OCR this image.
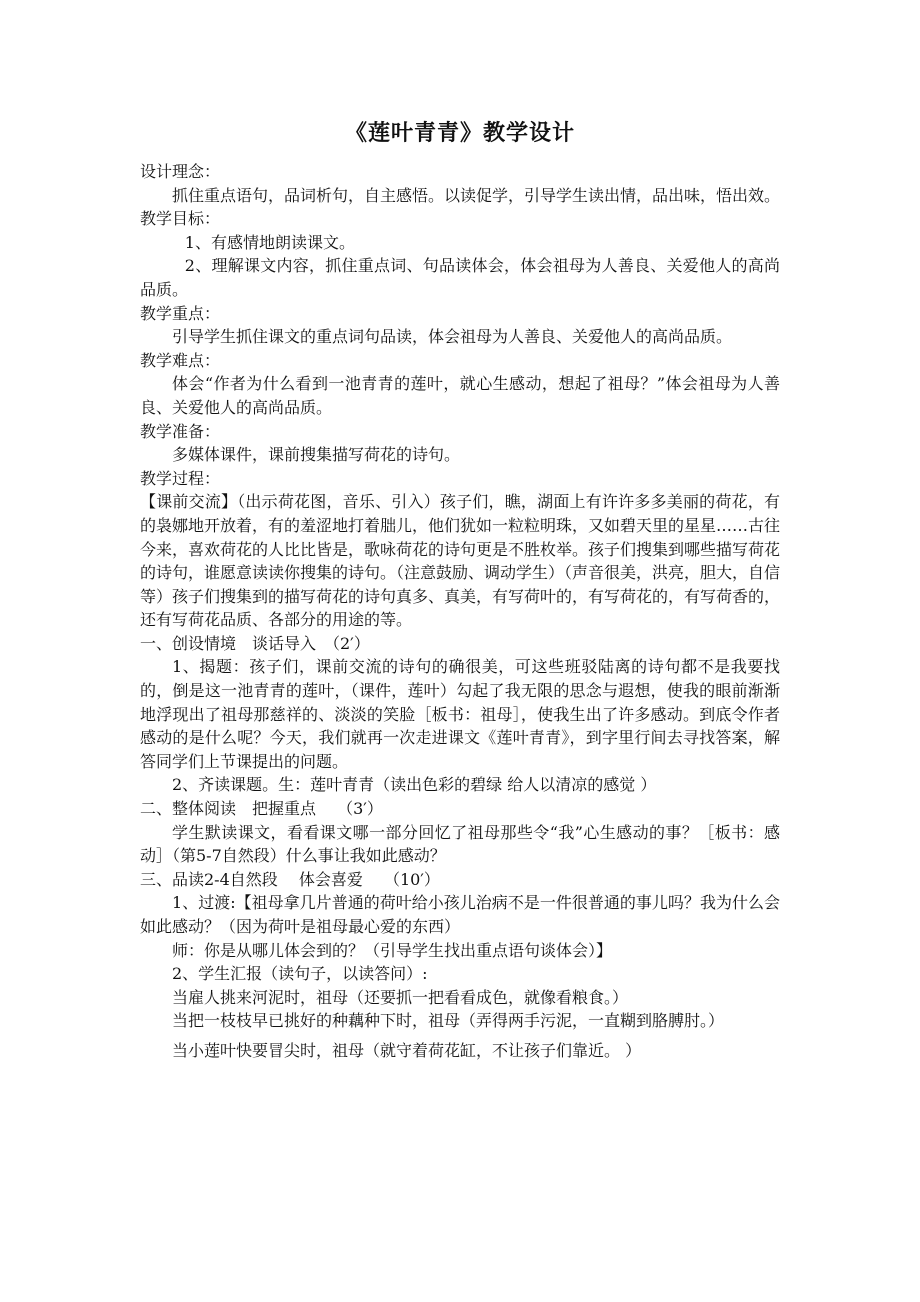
《莲叶青青》教学设计

设计理念：

抓住重点语句，品词析句，自主感悟。以读促学，引导学生读出情，品出味，悟出效。

教学目标：

1、有感情地朗读课文。

2、理解课文内容，抓住重点词、句品读体会，体会祖母为人善良、关爱他人的高尚品质。

教学重点：

引导学生抓住课文的重点词句品读，体会祖母为人善良、关爱他人的高尚品质。

教学难点：

体会“作者为什么看到一池青青的莲叶，就心生感动，想起了祖母？”体会祖母为人善良、关爱他人的高尚品质。

教学准备：

多媒体课件，课前搜集描写荷花的诗句。

教学过程：

【课前交流】（出示荷花图，音乐、引入）孩子们，瞧，湖面上有许许多多美丽的荷花，有的袅娜地开放着，有的羞涩地打着朏儿，他们犹如一粒粒明珠，又如碧天里的星星……古往今来，喜欢荷花的人比比皆是，歌咏荷花的诗句更是不胜枚举。孩子们搜集到哪些描写荷花的诗句，谁愿意读读你搜集的诗句。（注意鼓励、调动学生）（声音很美，洪亮，胆大，自信等）孩子们搜集到的描写荷花的诗句真多、真美，有写荷叶的，有写荷花的，有写荷香的，还有写荷花品质、各部分的用途的等。

一、创设情境　谈话导入　（2′）

1、揭题：孩子们，课前交流的诗句的确很美，可这些班驳陆离的诗句都不是我要找的，倒是这一池青青的莲叶，（课件，莲叶）勾起了我无限的思念与遐想，使我的眼前渐渐地浮现出了祖母那慈祥的、淡淡的笑脸［板书：祖母］，使我生出了许多感动。到底令作者感动的是什么呢？今天，我们就再一次走进课文《莲叶青青》，到字里行间去寻找答案，解答同学们上节课提出的问题。

2、齐读课题。生：莲叶青青（读出色彩的碧绿 给人以清凉的感觉 ）

二、整体阅读　把握重点　 （3′）

学生默读课文，看看课文哪一部分回忆了祖母那些令“我”心生感动的事？［板书：感动］（第5-7自然段）什么事让我如此感动？

三、品读2-4自然段　 体会喜爱　 （10′）

1、过渡:【祖母拿几片普通的荷叶给小孩儿治病不是一件很普通的事儿吗？我为什么会如此感动？（因为荷叶是祖母最心爱的东西）

师：你是从哪儿体会到的？（引导学生找出重点语句谈体会）】

2、学生汇报（读句子，以读答问）:

当雇人挑来河泥时，祖母（还要抓一把看看成色，就像看粮食。）

当把一枝枝早已挑好的种藕种下时，祖母（弄得两手污泥，一直糊到胳膊肘。）

当小莲叶快要冒尖时，祖母（就守着荷花缸，不让孩子们靠近。 ）
